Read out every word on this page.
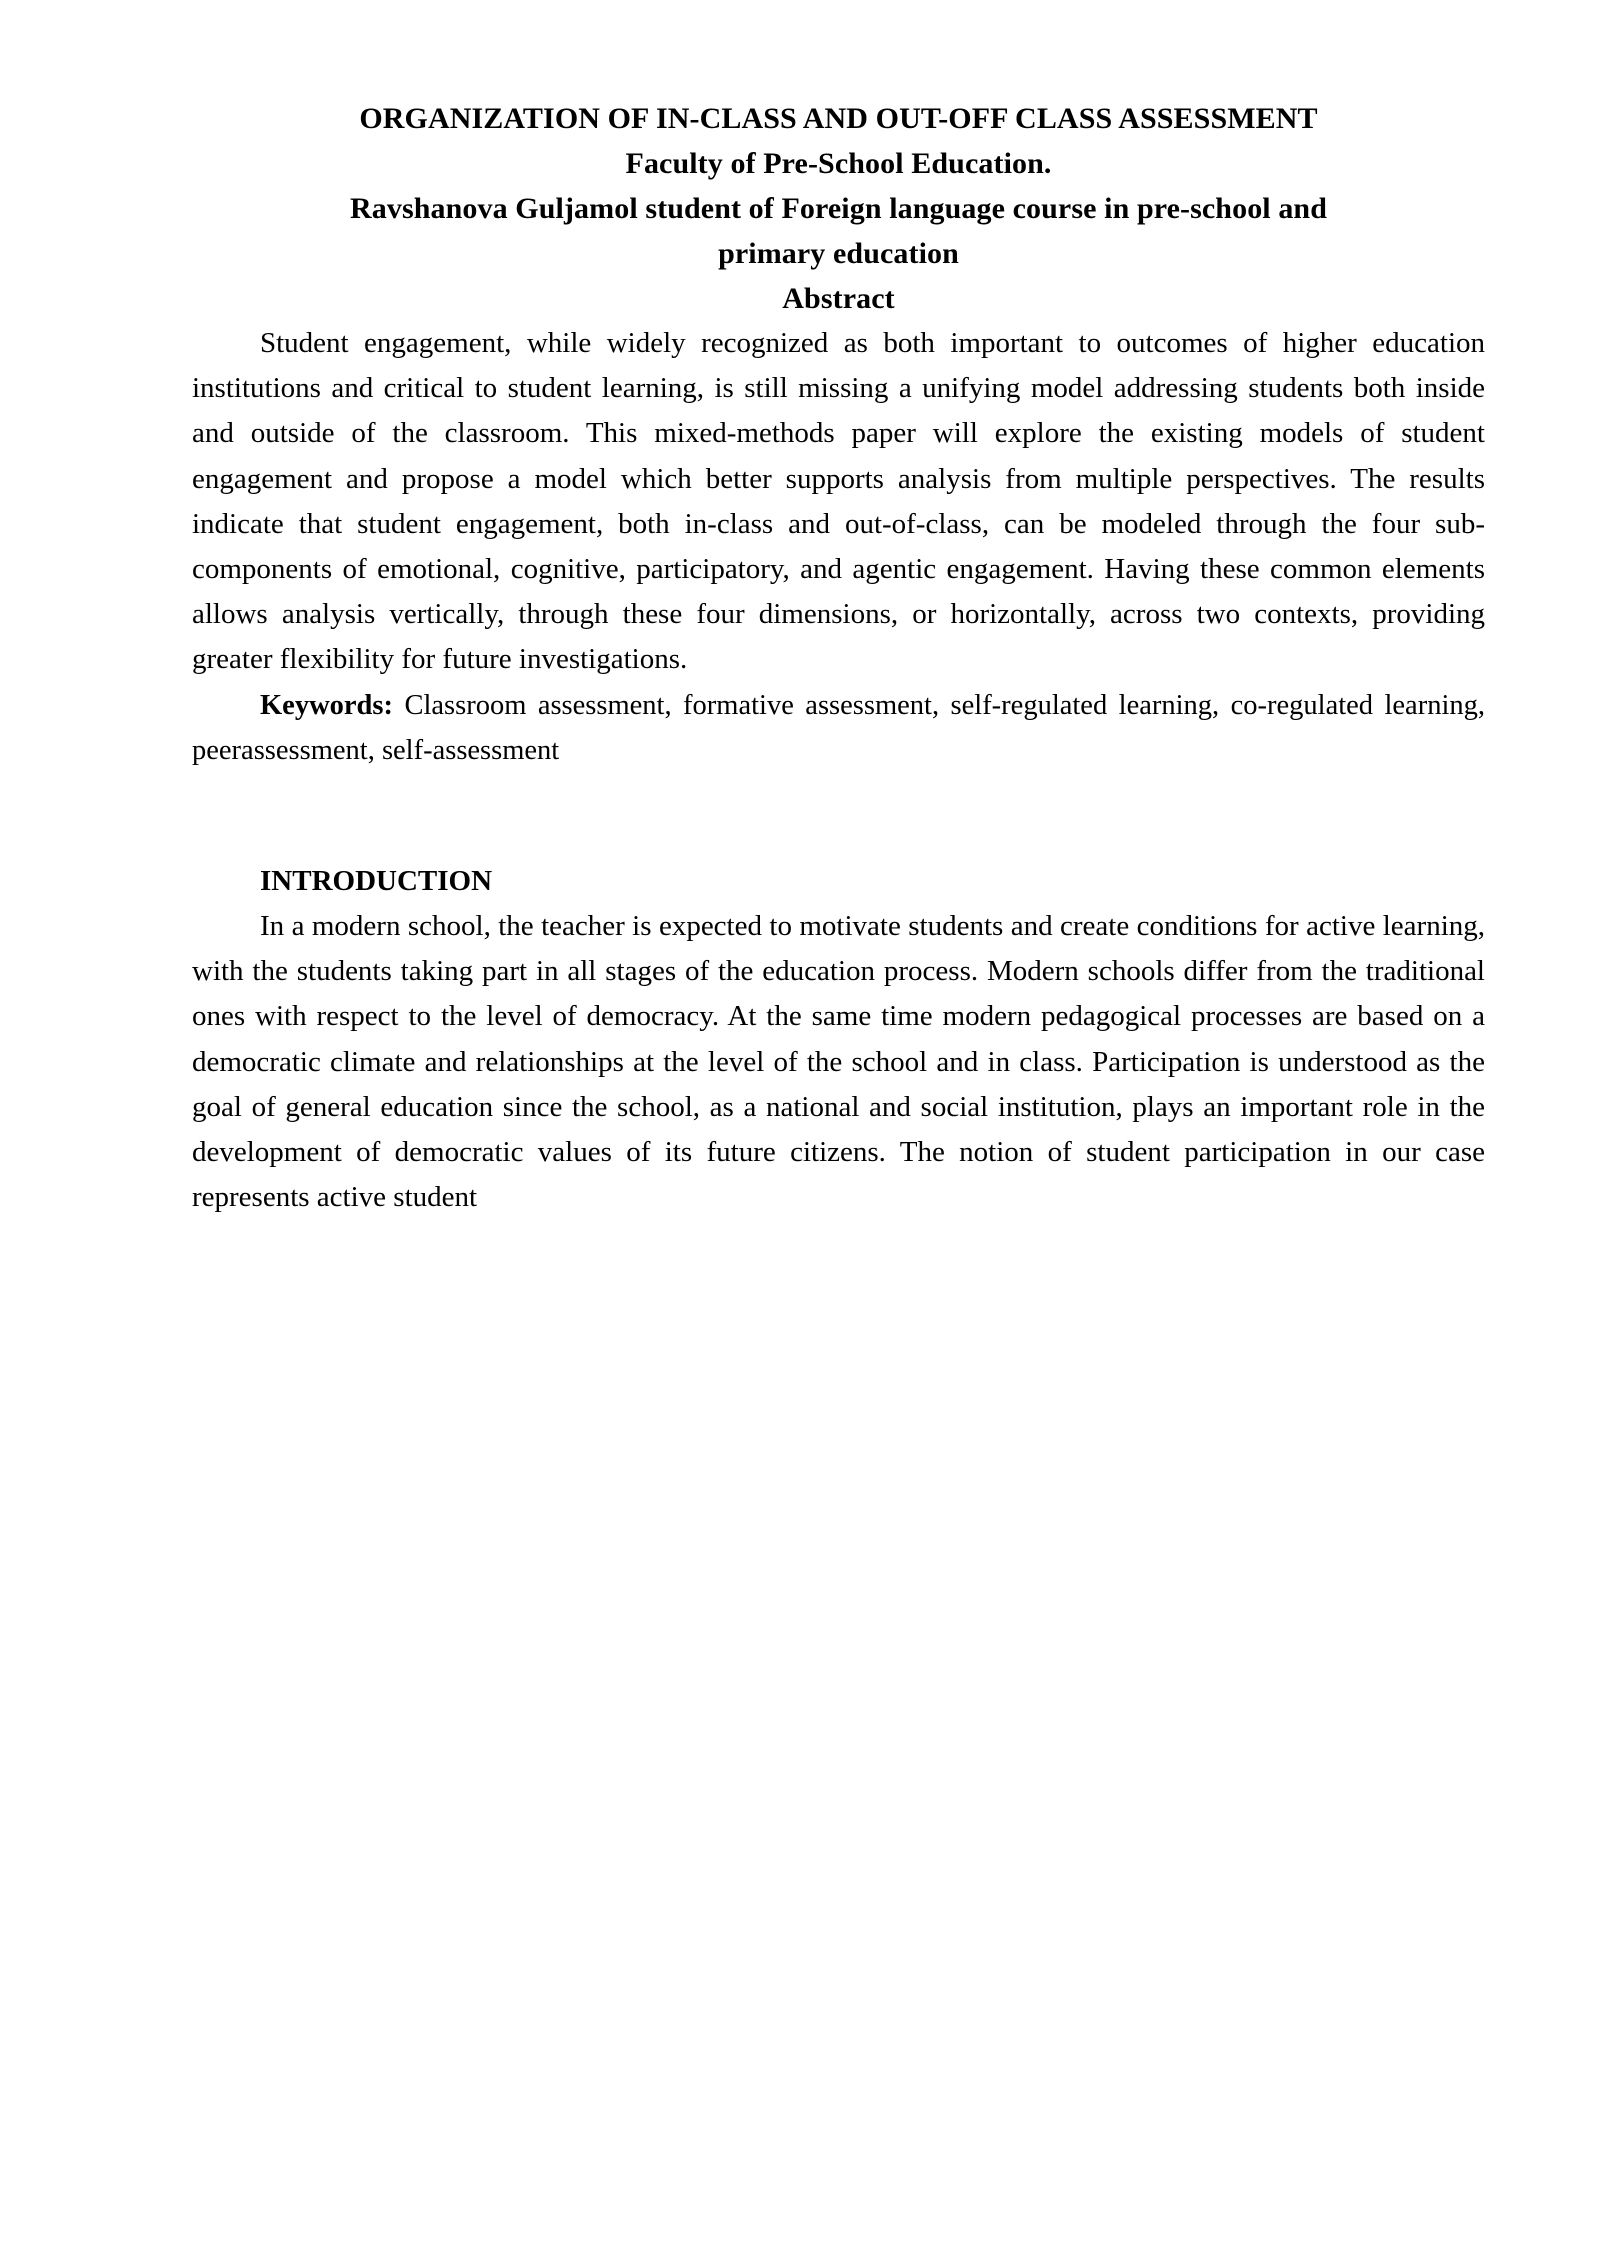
ORGANIZATION OF IN-CLASS AND OUT-OFF CLASS ASSESSMENT
Faculty of Pre-School Education.
Ravshanova Guljamol student of Foreign language course in pre-school and
primary education
Abstract

Student engagement, while widely recognized as both important to outcomes of higher education institutions and critical to student learning, is still missing a unifying model addressing students both inside and outside of the classroom. This mixed-methods paper will explore the existing models of student engagement and propose a model which better supports analysis from multiple perspectives. The results indicate that student engagement, both in-class and out-of-class, can be modeled through the four sub-components of emotional, cognitive, participatory, and agentic engagement. Having these common elements allows analysis vertically, through these four dimensions, or horizontally, across two contexts, providing greater flexibility for future investigations.

Keywords: Classroom assessment, formative assessment, self-regulated learning, co-regulated learning, peerassessment, self-assessment

INTRODUCTION

In a modern school, the teacher is expected to motivate students and create conditions for active learning, with the students taking part in all stages of the education process. Modern schools differ from the traditional ones with respect to the level of democracy. At the same time modern pedagogical processes are based on a democratic climate and relationships at the level of the school and in class. Participation is understood as the goal of general education since the school, as a national and social institution, plays an important role in the development of democratic values of its future citizens. The notion of student participation in our case represents active student
